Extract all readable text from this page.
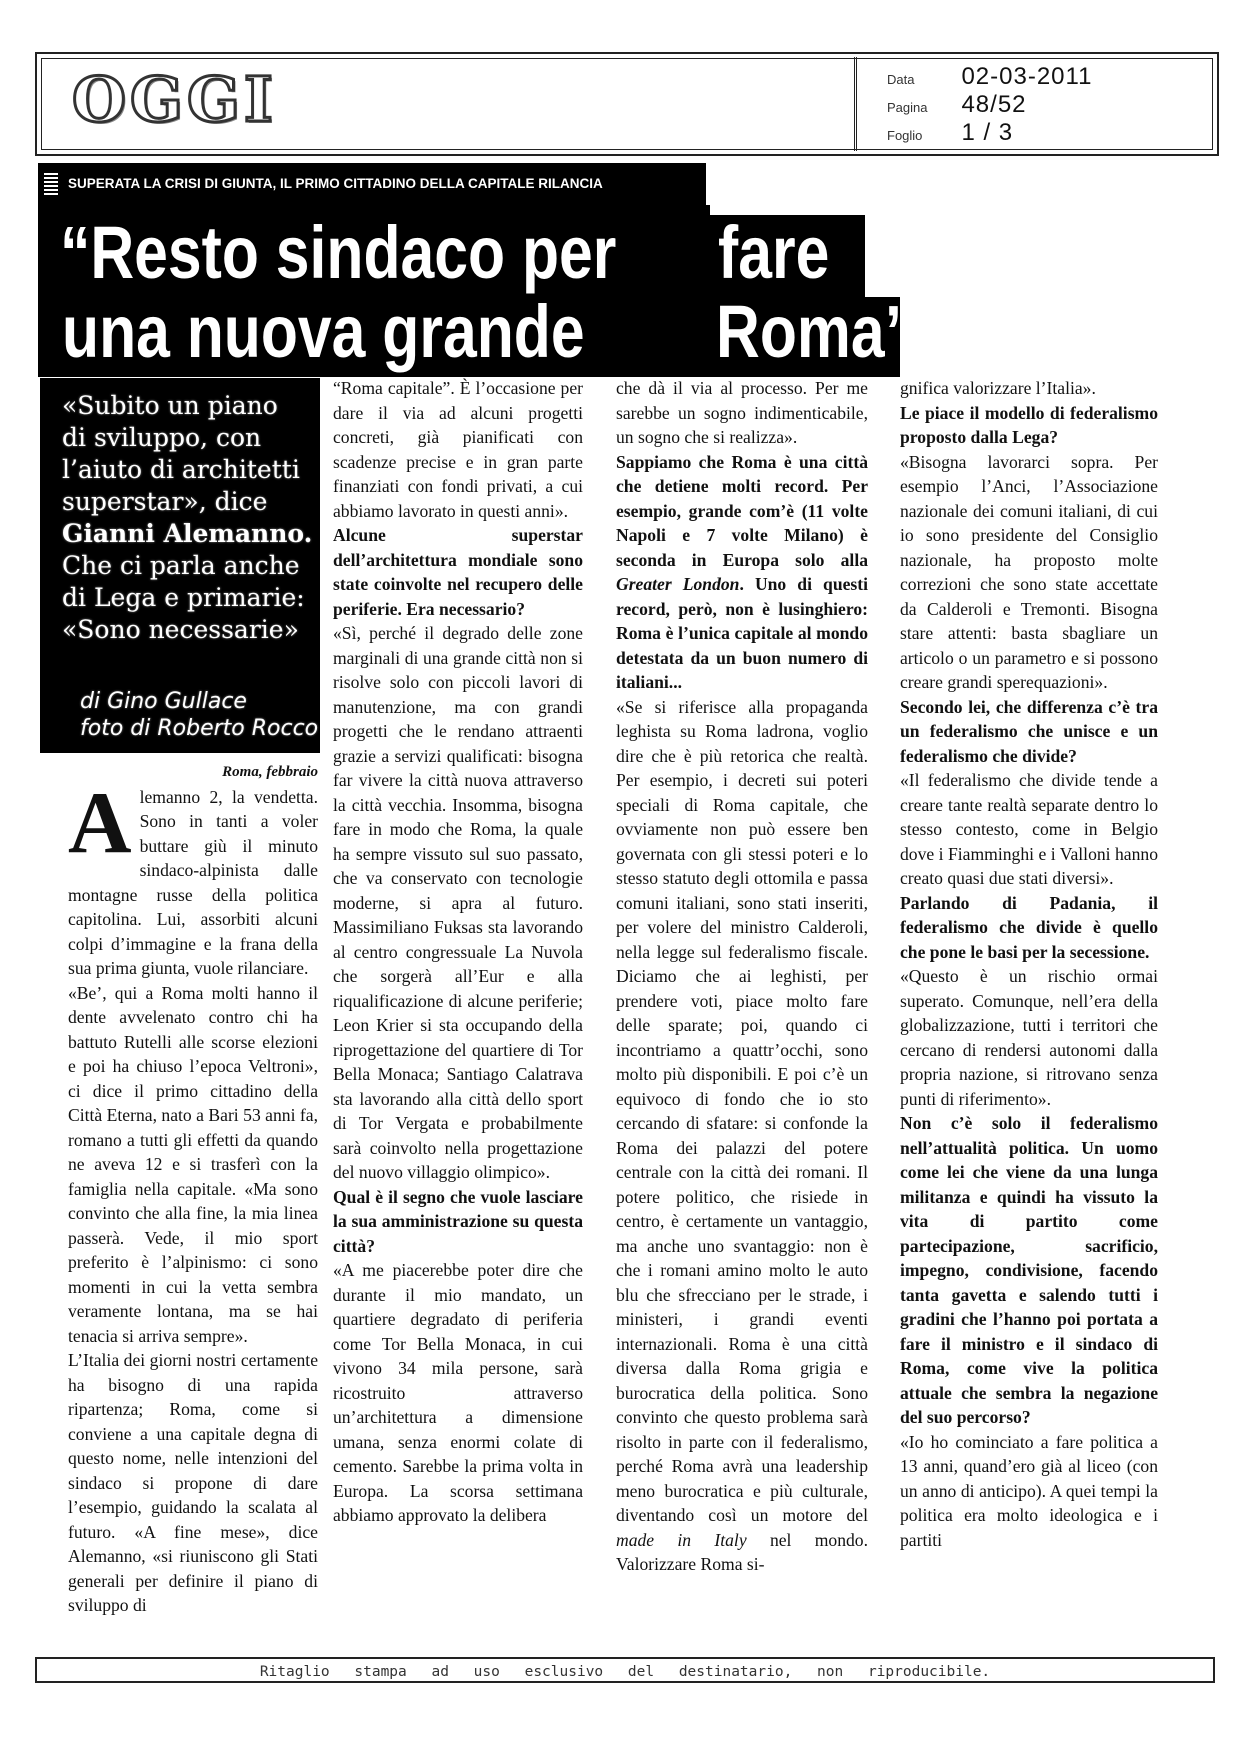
OGGI	Data 02-03-2011
Pagina 48/52
Foglio 1 / 3
SUPERATA LA CRISI DI GIUNTA, IL PRIMO CITTADINO DELLA CAPITALE RILANCIA
“Resto sindaco per fare
una nuova grande Roma”
«Subito un piano
di sviluppo, con
l’aiuto di architetti
superstar», dice
Gianni Alemanno.
Che ci parla anche
di Lega e primarie:
«Sono necessarie»
di Gino Gullace
foto di Roberto Rocco

Roma, febbraio

Alemanno 2, la vendetta. Sono in tanti a voler buttare giù il minuto sindaco-alpinista dalle montagne russe della politica capitolina. Lui, assorbiti alcuni colpi d’immagine e la frana della sua prima giunta, vuole rilanciare.

«Be’, qui a Roma molti hanno il dente avvelenato contro chi ha battuto Rutelli alle scorse elezioni e poi ha chiuso l’epoca Veltroni», ci dice il primo cittadino della Città Eterna, nato a Bari 53 anni fa, romano a tutti gli effetti da quando ne aveva 12 e si trasferì con la famiglia nella capitale. «Ma sono convinto che alla fine, la mia linea passerà. Vede, il mio sport preferito è l’alpinismo: ci sono momenti in cui la vetta sembra veramente lontana, ma se hai tenacia si arriva sempre».

L’Italia dei giorni nostri certamente ha bisogno di una rapida ripartenza; Roma, come si conviene a una capitale degna di questo nome, nelle intenzioni del sindaco si propone di dare l’esempio, guidando la scalata al futuro. «A fine mese», dice Alemanno, «si riuniscono gli Stati generali per definire il piano di sviluppo di

“Roma capitale”. È l’occasione per dare il via ad alcuni progetti concreti, già pianificati con scadenze precise e in gran parte finanziati con fondi privati, a cui abbiamo lavorato in questi anni».

Alcune superstar dell’architettura mondiale sono state coinvolte nel recupero delle periferie. Era necessario?

«Sì, perché il degrado delle zone marginali di una grande città non si risolve solo con piccoli lavori di manutenzione, ma con grandi progetti che le rendano attraenti grazie a servizi qualificati: bisogna far vivere la città nuova attraverso la città vecchia. Insomma, bisogna fare in modo che Roma, la quale ha sempre vissuto sul suo passato, che va conservato con tecnologie moderne, si apra al futuro. Massimiliano Fuksas sta lavorando al centro congressuale La Nuvola che sorgerà all’Eur e alla riqualificazione di alcune periferie; Leon Krier si sta occupando della riprogettazione del quartiere di Tor Bella Monaca; Santiago Calatrava sta lavorando alla città dello sport di Tor Vergata e probabilmente sarà coinvolto nella progettazione del nuovo villaggio olimpico».

Qual è il segno che vuole lasciare la sua amministrazione su questa città?

«A me piacerebbe poter dire che durante il mio mandato, un quartiere degradato di periferia come Tor Bella Monaca, in cui vivono 34 mila persone, sarà ricostruito attraverso un’architettura a dimensione umana, senza enormi colate di cemento. Sarebbe la prima volta in Europa. La scorsa settimana abbiamo approvato la delibera

che dà il via al processo. Per me sarebbe un sogno indimenticabile, un sogno che si realizza».

Sappiamo che Roma è una città che detiene molti record. Per esempio, grande com’è (11 volte Napoli e 7 volte Milano) è seconda in Europa solo alla Greater London. Uno di questi record, però, non è lusinghiero: Roma è l’unica capitale al mondo detestata da un buon numero di italiani...

«Se si riferisce alla propaganda leghista su Roma ladrona, voglio dire che è più retorica che realtà. Per esempio, i decreti sui poteri speciali di Roma capitale, che ovviamente non può essere ben governata con gli stessi poteri e lo stesso statuto degli ottomila e passa comuni italiani, sono stati inseriti, per volere del ministro Calderoli, nella legge sul federalismo fiscale. Diciamo che ai leghisti, per prendere voti, piace molto fare delle sparate; poi, quando ci incontriamo a quattr’occhi, sono molto più disponibili. E poi c’è un equivoco di fondo che io sto cercando di sfatare: si confonde la Roma dei palazzi del potere centrale con la città dei romani. Il potere politico, che risiede in centro, è certamente un vantaggio, ma anche uno svantaggio: non è che i romani amino molto le auto blu che sfrecciano per le strade, i ministeri, i grandi eventi internazionali. Roma è una città diversa dalla Roma grigia e burocratica della politica. Sono convinto che questo problema sarà risolto in parte con il federalismo, perché Roma avrà una leadership meno burocratica e più culturale, diventando così un motore del made in Italy nel mondo. Valorizzare Roma si-

gnifica valorizzare l’Italia».

Le piace il modello di federalismo proposto dalla Lega?

«Bisogna lavorarci sopra. Per esempio l’Anci, l’Associazione nazionale dei comuni italiani, di cui io sono presidente del Consiglio nazionale, ha proposto molte correzioni che sono state accettate da Calderoli e Tremonti. Bisogna stare attenti: basta sbagliare un articolo o un parametro e si possono creare grandi sperequazioni».

Secondo lei, che differenza c’è tra un federalismo che unisce e un federalismo che divide?

«Il federalismo che divide tende a creare tante realtà separate dentro lo stesso contesto, come in Belgio dove i Fiamminghi e i Valloni hanno creato quasi due stati diversi».

Parlando di Padania, il federalismo che divide è quello che pone le basi per la secessione.

«Questo è un rischio ormai superato. Comunque, nell’era della globalizzazione, tutti i territori che cercano di rendersi autonomi dalla propria nazione, si ritrovano senza punti di riferimento».

Non c’è solo il federalismo nell’attualità politica. Un uomo come lei che viene da una lunga militanza e quindi ha vissuto la vita di partito come partecipazione, sacrificio, impegno, condivisione, facendo tanta gavetta e salendo tutti i gradini che l’hanno poi portata a fare il ministro e il sindaco di Roma, come vive la politica attuale che sembra la negazione del suo percorso?

«Io ho cominciato a fare politica a 13 anni, quand’ero già al liceo (con un anno di anticipo). A quei tempi la politica era molto ideologica e i partiti

Ritaglio stampa ad uso esclusivo del destinatario, non riproducibile.
